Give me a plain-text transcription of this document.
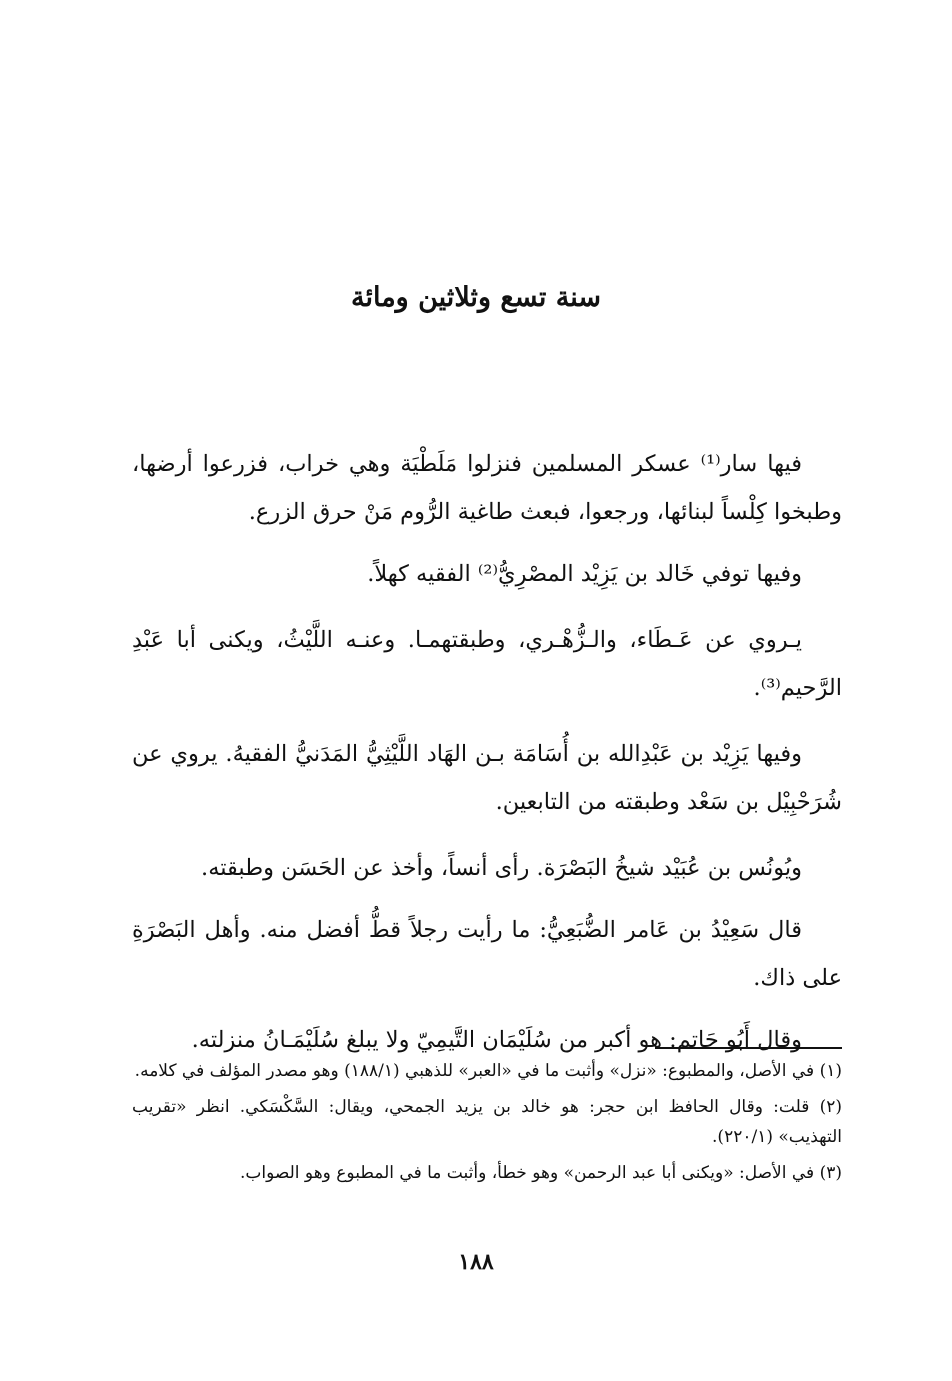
سنة تسع وثلاثين ومائة

فيها سار⁽¹⁾ عسكر المسلمين فنزلوا مَلَطْيَة وهي خراب، فزرعوا أرضها، وطبخوا كِلْساً لبنائها، ورجعوا، فبعث طاغية الرُّوم مَنْ حرق الزرع.

وفيها توفي خَالد بن يَزِيْد المصْرِيُّ⁽²⁾ الفقيه كهلاً.

يـروي عن عَـطَاء، والـزُّهْـري، وطبقتهمـا. وعنـه اللَّيْثُ، ويكنى أبا عَبْدِ الرَّحيم⁽³⁾.

وفيها يَزِيْد بن عَبْدِالله بن أُسَامَة بـن الهَاد اللَّيْثِيُّ المَدَنيُّ الفقيهُ. يروي عن شُرَحْبِيْل بن سَعْد وطبقته من التابعين.

ويُونُس بن عُبَيْد شيخُ البَصْرَة. رأى أنساً، وأخذ عن الحَسَن وطبقته.

قال سَعِيْدُ بن عَامر الضُّبَعِيُّ: ما رأيت رجلاً قطُّ أفضل منه. وأهل البَصْرَةِ على ذاك.

وقال أَبُو حَاتم: هو أكبر من سُلَيْمَان التَّيمِيّ ولا يبلغ سُلَيْمَـانُ منزلته.

(١) في الأصل، والمطبوع: «نزل» وأثبت ما في «العبر» للذهبي (١٨٨/١) وهو مصدر المؤلف في كلامه.

(٢) قلت: وقال الحافظ ابن حجر: هو خالد بن يزيد الجمحي، ويقال: السَّكْسَكي. انظر «تقريب التهذيب» (٢٢٠/١).

(٣) في الأصل: «ويكنى أبا عبد الرحمن» وهو خطأ، وأثبت ما في المطبوع وهو الصواب.

١٨٨
